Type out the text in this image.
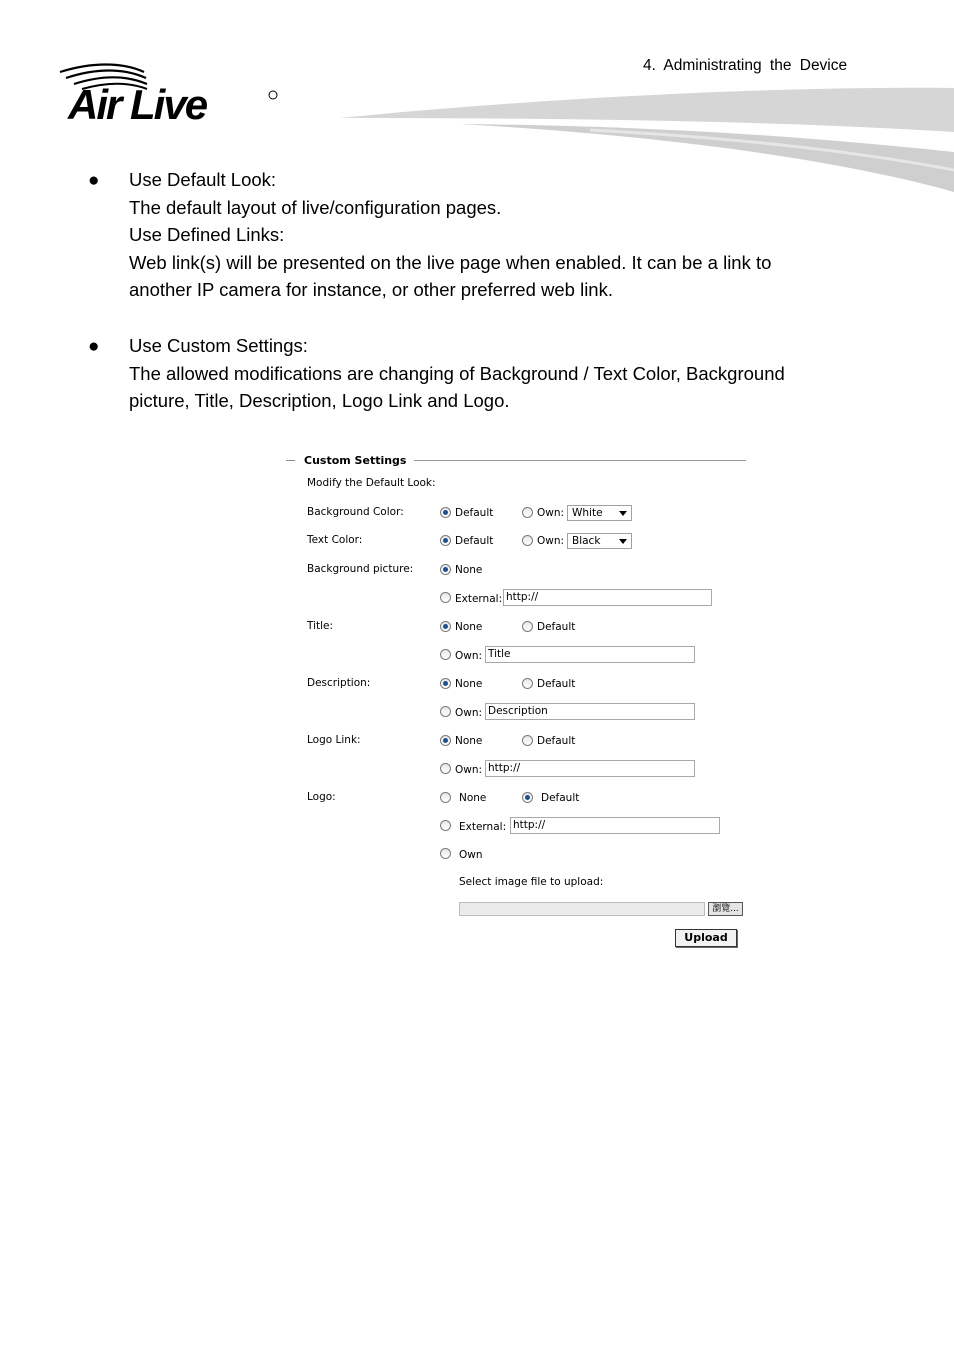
4. Administrating the Device
Air Live
● Use Default Look:

The default layout of live/configuration pages.

Use Defined Links:

Web link(s) will be presented on the live page when enabled. It can be a link to

another IP camera for instance, or other preferred web link.

● Use Custom Settings:

The allowed modifications are changing of Background / Text Color, Background

picture, Title, Description, Logo Link and Logo.

Custom Settings
Modify the Default Look:
Background Color:	Default	Own: White
Text Color:	Default	Own: Black
Background picture:	None
External: http://
Title:	None	Default
Own: Title
Description:	None	Default
Own: Description
Logo Link:	None	Default
Own: http://
Logo:	None	Default
External: http://
Own
Select image file to upload:
瀏覽...
Upload
